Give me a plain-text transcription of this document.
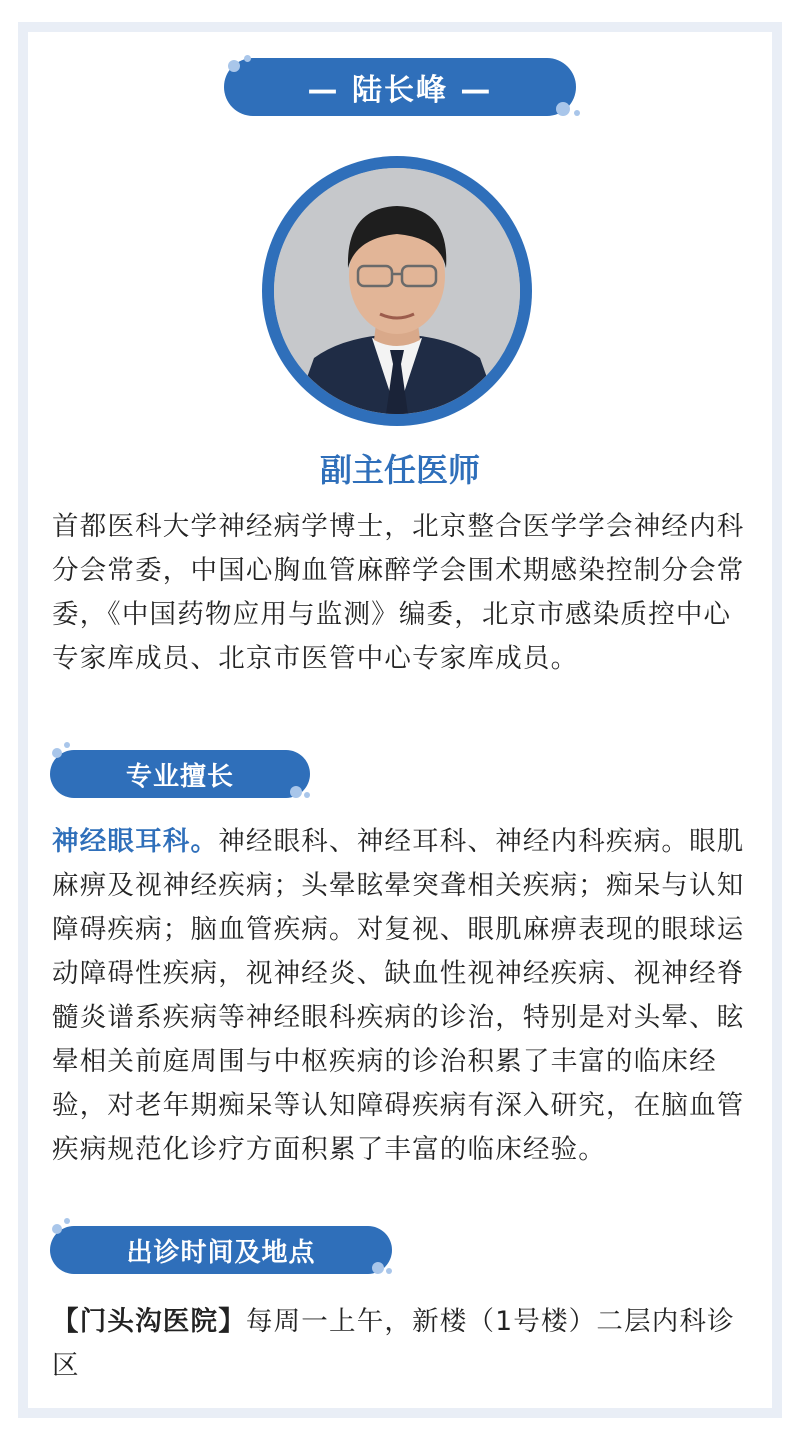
— 陆长峰 —
副主任医师
首都医科大学神经病学博士，北京整合医学学会神经内科分会常委，中国心胸血管麻醉学会围术期感染控制分会常委，《中国药物应用与监测》编委，北京市感染质控中心专家库成员、北京市医管中心专家库成员。
专业擅长
神经眼耳科。神经眼科、神经耳科、神经内科疾病。眼肌麻痹及视神经疾病；头晕眩晕突聋相关疾病；痴呆与认知障碍疾病；脑血管疾病。对复视、眼肌麻痹表现的眼球运动障碍性疾病，视神经炎、缺血性视神经疾病、视神经脊髓炎谱系疾病等神经眼科疾病的诊治，特别是对头晕、眩晕相关前庭周围与中枢疾病的诊治积累了丰富的临床经验，对老年期痴呆等认知障碍疾病有深入研究，在脑血管疾病规范化诊疗方面积累了丰富的临床经验。
出诊时间及地点
【门头沟医院】每周一上午，新楼（1号楼）二层内科诊区
